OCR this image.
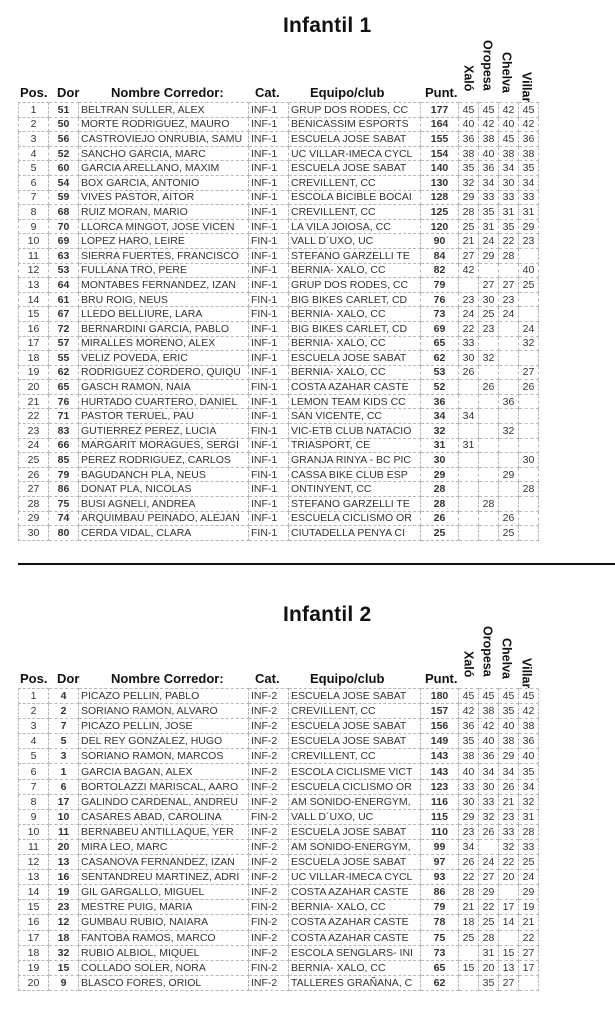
Infantil 1
Pos. Dor Nombre Corredor: Cat. Equipo/club	Punt.
Xaló Oropesa Chelva Villar
1	51	BELTRAN SULLER, ALEX	INF-1	GRUP DOS RODES, CC	177	45	45	42	45
2	50	MORTE RODRIGUEZ, MAURO	INF-1	BENICASSIM ESPORTS	164	40	42	40	42
3	56	CASTROVIEJO ONRUBIA, SAMU	INF-1	ESCUELA JOSE SABAT	155	36	38	45	36
4	52	SANCHO GARCIA, MARC	INF-1	UC VILLAR-IMECA CYCL	154	38	40	38	38
5	60	GARCIA ARELLANO, MAXIM	INF-1	ESCUELA JOSE SABAT	140	35	36	34	35
6	54	BOX GARCIA, ANTONIO	INF-1	CREVILLENT, CC	130	32	34	30	34
7	59	VIVES PASTOR, AITOR	INF-1	ESCOLA BICIBLE BOCAI	128	29	33	33	33
8	68	RUIZ MORAN, MARIO	INF-1	CREVILLENT, CC	125	28	35	31	31
9	70	LLORCA MINGOT, JOSE VICEN	INF-1	LA VILA JOIOSA, CC	120	25	31	35	29
10	69	LOPEZ HARO, LEIRE	FIN-1	VALL D´UXO, UC	90	21	24	22	23
11	63	SIERRA FUERTES, FRANCISCO	INF-1	STEFANO GARZELLI TE	84	27	29	28	
12	53	FULLANA TRO, PERE	INF-1	BERNIA- XALO, CC	82	42			40
13	64	MONTABES FERNANDEZ, IZAN	INF-1	GRUP DOS RODES, CC	79		27	27	25
14	61	BRU ROIG, NEUS	FIN-1	BIG BIKES CARLET, CD	76	23	30	23	
15	67	LLEDO BELLIURE, LARA	FIN-1	BERNIA- XALO, CC	73	24	25	24	
16	72	BERNARDINI GARCIA, PABLO	INF-1	BIG BIKES CARLET, CD	69	22	23		24
17	57	MIRALLES MORENO, ALEX	INF-1	BERNIA- XALO, CC	65	33			32
18	55	VELIZ POVEDA, ERIC	INF-1	ESCUELA JOSE SABAT	62	30	32		
19	62	RODRIGUEZ CORDERO, QUIQU	INF-1	BERNIA- XALO, CC	53	26			27
20	65	GASCH RAMON, NAIA	FIN-1	COSTA AZAHAR CASTE	52		26		26
21	76	HURTADO CUARTERO, DANIEL	INF-1	LEMON TEAM KIDS CC	36			36	
22	71	PASTOR TERUEL, PAU	INF-1	SAN VICENTE, CC	34	34			
23	83	GUTIERREZ PEREZ, LUCIA	FIN-1	VIC-ETB CLUB NATACIO	32			32	
24	66	MARGARIT MORAGUES, SERGI	INF-1	TRIASPORT, CE	31	31			
25	85	PEREZ RODRIGUEZ, CARLOS	INF-1	GRANJA RINYA - BC PIC	30				30
26	79	BAGUDANCH PLA, NEUS	FIN-1	CASSA BIKE CLUB ESP	29			29	
27	86	DONAT PLA, NICOLAS	INF-1	ONTINYENT, CC	28				28
28	75	BUSI AGNELI, ANDREA	INF-1	STEFANO GARZELLI TE	28		28		
29	74	ARQUIMBAU PEINADO, ALEJAN	INF-1	ESCUELA CICLISMO OR	26			26	
30	80	CERDA VIDAL, CLARA	FIN-1	CIUTADELLA PENYA CI	25			25	
Infantil 2
Pos. Dor Nombre Corredor: Cat. Equipo/club	Punt.
Xaló Oropesa Chelva Villar
1	4	PICAZO PELLIN, PABLO	INF-2	ESCUELA JOSE SABAT	180	45	45	45	45
2	2	SORIANO RAMON, ALVARO	INF-2	CREVILLENT, CC	157	42	38	35	42
3	7	PICAZO PELLIN, JOSE	INF-2	ESCUELA JOSE SABAT	156	36	42	40	38
4	5	DEL REY GONZALEZ, HUGO	INF-2	ESCUELA JOSE SABAT	149	35	40	38	36
5	3	SORIANO RAMON, MARCOS	INF-2	CREVILLENT, CC	143	38	36	29	40
6	1	GARCIA BAGAN, ALEX	INF-2	ESCOLA CICLISME VICT	143	40	34	34	35
7	6	BORTOLAZZI MARISCAL, AARO	INF-2	ESCUELA CICLISMO OR	123	33	30	26	34
8	17	GALINDO CARDENAL, ANDREU	INF-2	AM SONIDO-ENERGYM,	116	30	33	21	32
9	10	CASARES ABAD, CAROLINA	FIN-2	VALL D´UXO, UC	115	29	32	23	31
10	11	BERNABEU ANTILLAQUE, YER	INF-2	ESCUELA JOSE SABAT	110	23	26	33	28
11	20	MIRA LEO, MARC	INF-2	AM SONIDO-ENERGYM,	99	34		32	33
12	13	CASANOVA FERNANDEZ, IZAN	INF-2	ESCUELA JOSE SABAT	97	26	24	22	25
13	16	SENTANDREU MARTINEZ, ADRI	INF-2	UC VILLAR-IMECA CYCL	93	22	27	20	24
14	19	GIL GARGALLO, MIGUEL	INF-2	COSTA AZAHAR CASTE	86	28	29		29
15	23	MESTRE PUIG, MARIA	FIN-2	BERNIA- XALO, CC	79	21	22	17	19
16	12	GUMBAU RUBIO, NAIARA	FIN-2	COSTA AZAHAR CASTE	78	18	25	14	21
17	18	FANTOBA RAMOS, MARCO	INF-2	COSTA AZAHAR CASTE	75	25	28		22
18	32	RUBIO ALBIOL, MIQUEL	INF-2	ESCOLA SENGLARS- INI	73		31	15	27
19	15	COLLADO SOLER, NORA	FIN-2	BERNIA- XALO, CC	65	15	20	13	17
20	9	BLASCO FORES, ORIOL	INF-2	TALLERES GRAÑANA, C	62		35	27	
